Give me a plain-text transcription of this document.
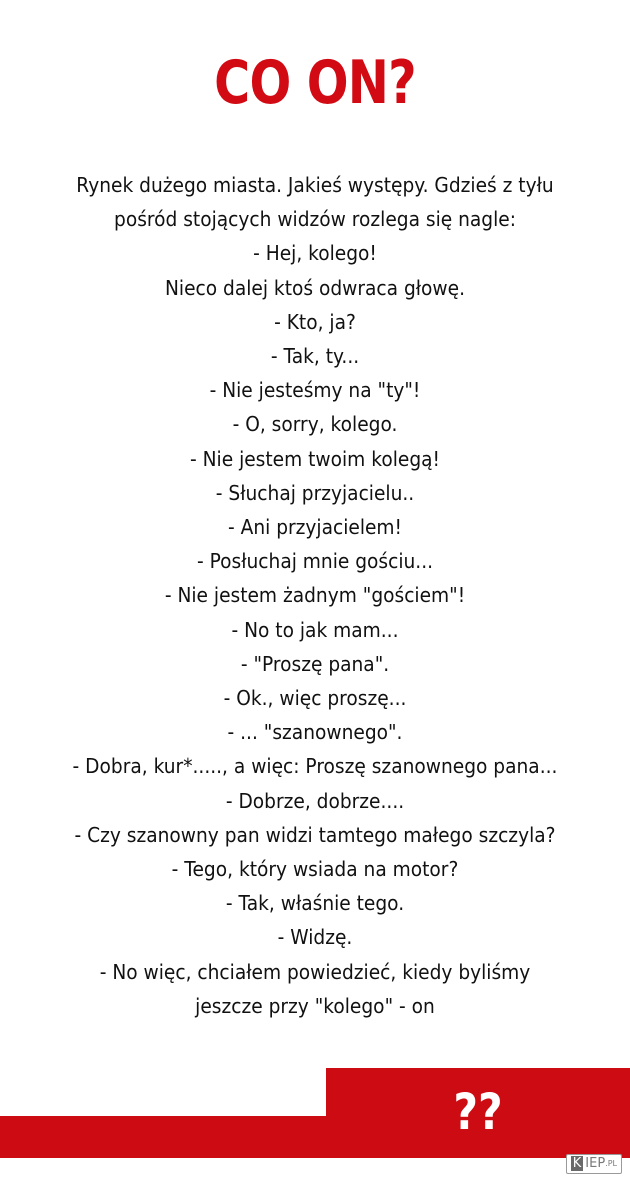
CO ON?
Rynek dużego miasta. Jakieś występy. Gdzieś z tyłu
pośród stojących widzów rozlega się nagle:
- Hej, kolego!
Nieco dalej ktoś odwraca głowę.
- Kto, ja?
- Tak, ty...
- Nie jesteśmy na "ty"!
- O, sorry, kolego.
- Nie jestem twoim kolegą!
- Słuchaj przyjacielu..
- Ani przyjacielem!
- Posłuchaj mnie gościu...
- Nie jestem żadnym "gościem"!
- No to jak mam...
- "Proszę pana".
- Ok., więc proszę...
- ... "szanownego".
- Dobra, kur*....., a więc: Proszę szanownego pana...
- Dobrze, dobrze....
- Czy szanowny pan widzi tamtego małego szczyla?
- Tego, który wsiada na motor?
- Tak, właśnie tego.
- Widzę.
- No więc, chciałem powiedzieć, kiedy byliśmy
jeszcze przy "kolego" - on
??
K $IEP^{.PL}$
